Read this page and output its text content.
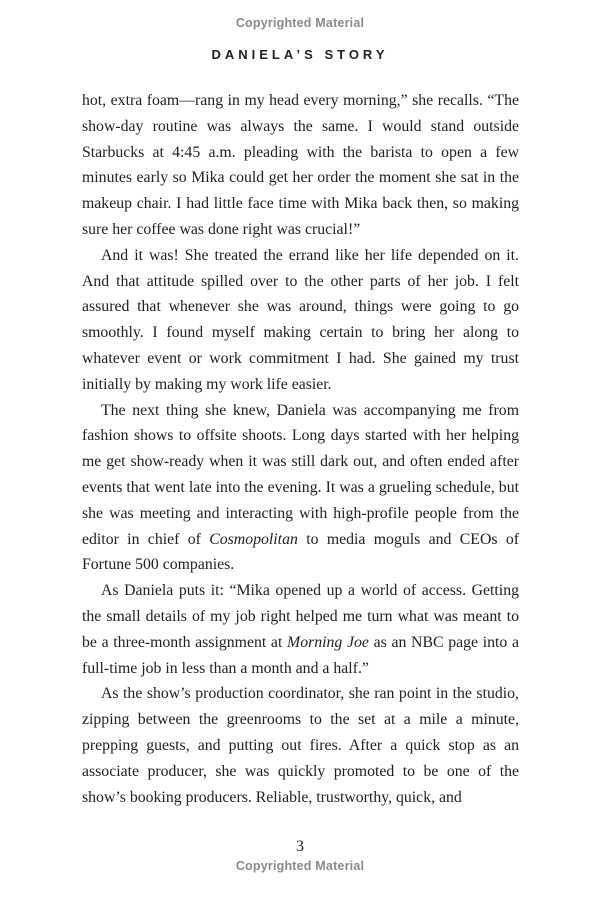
Copyrighted Material
DANIELA’S STORY

hot, extra foam—rang in my head every morning,” she recalls. “The show-day routine was always the same. I would stand outside Starbucks at 4:45 a.m. pleading with the barista to open a few minutes early so Mika could get her order the moment she sat in the makeup chair. I had little face time with Mika back then, so making sure her coffee was done right was crucial!”

And it was! She treated the errand like her life depended on it. And that attitude spilled over to the other parts of her job. I felt assured that whenever she was around, things were going to go smoothly. I found myself making certain to bring her along to whatever event or work commitment I had. She gained my trust initially by making my work life easier.

The next thing she knew, Daniela was accompanying me from fashion shows to offsite shoots. Long days started with her helping me get show-ready when it was still dark out, and often ended after events that went late into the evening. It was a grueling schedule, but she was meeting and interacting with high-profile people from the editor in chief of Cosmopolitan to media moguls and CEOs of Fortune 500 companies.

As Daniela puts it: “Mika opened up a world of access. Getting the small details of my job right helped me turn what was meant to be a three-month assignment at Morning Joe as an NBC page into a full-time job in less than a month and a half.”

As the show’s production coordinator, she ran point in the studio, zipping between the greenrooms to the set at a mile a minute, prepping guests, and putting out fires. After a quick stop as an associate producer, she was quickly promoted to be one of the show’s booking producers. Reliable, trustworthy, quick, and

3
Copyrighted Material
